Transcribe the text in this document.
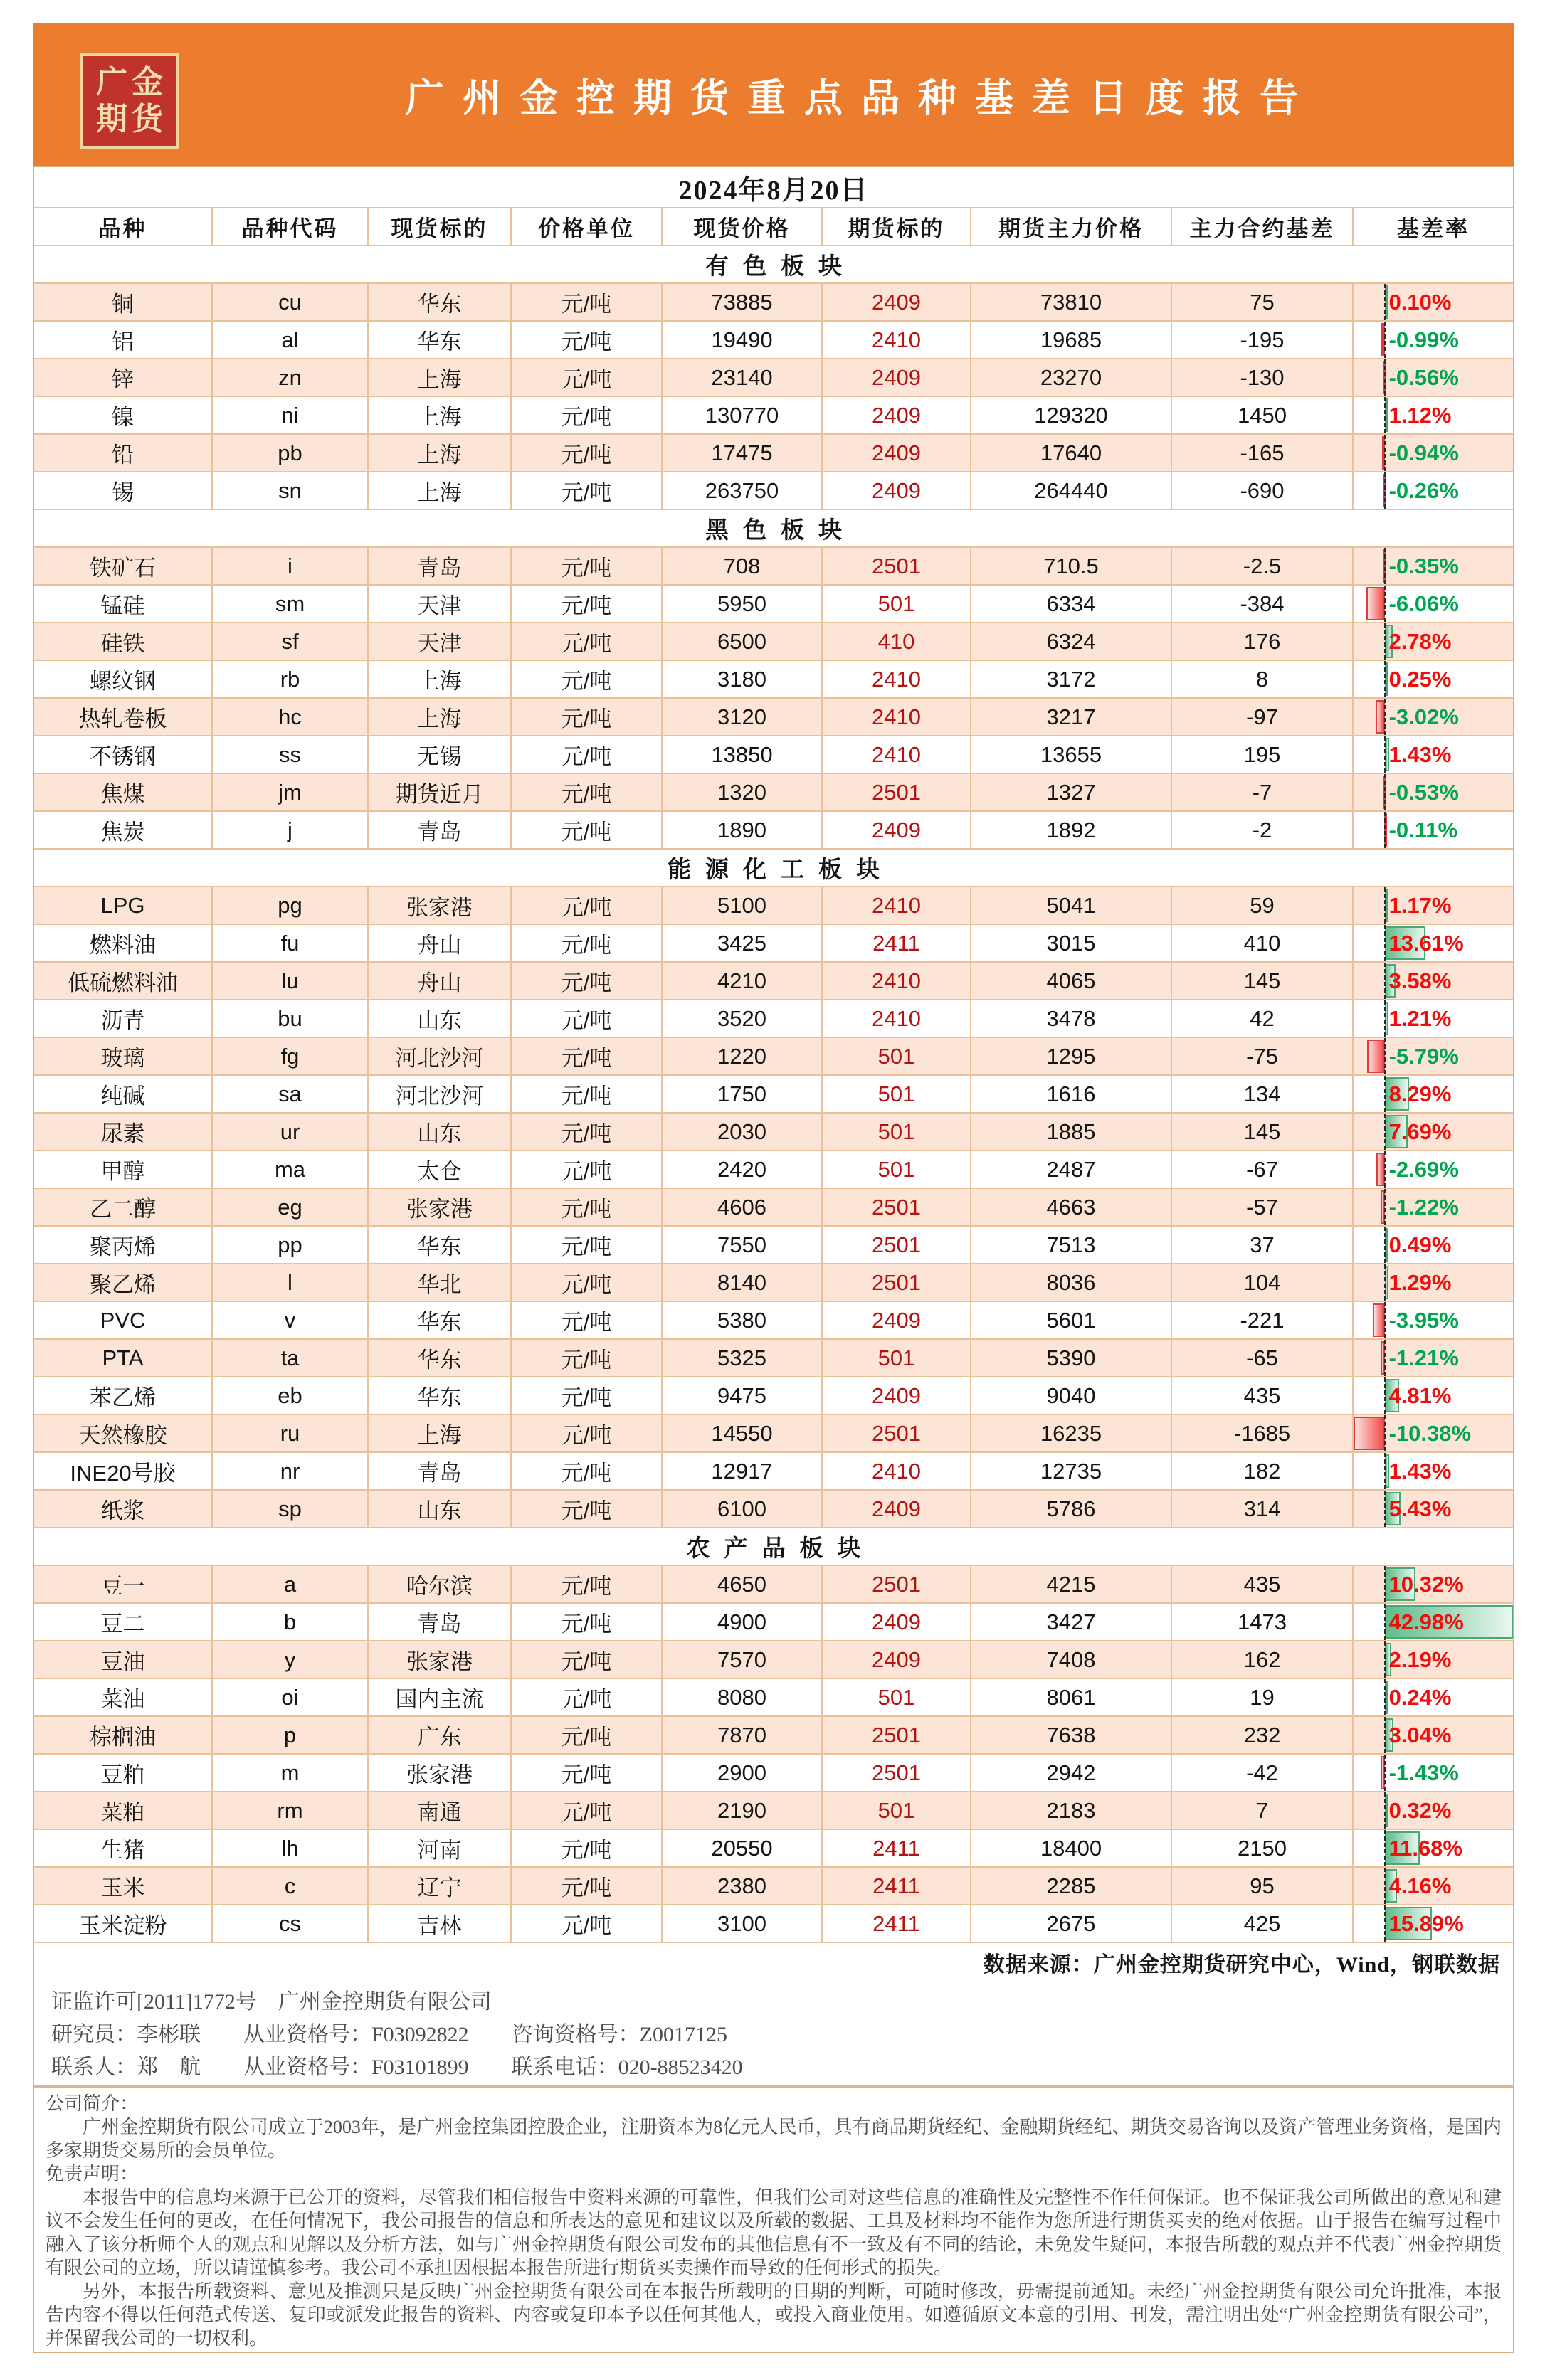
广金
期货	广州金控期货重点品种基差日度报告
2024年8月20日
品种	品种代码	现货标的	价格单位	现货价格	期货标的	期货主力价格	主力合约基差	基差率
有色板块
铜	cu	华东	元/吨	73885	2409	73810	75	0.10%
铝	al	华东	元/吨	19490	2410	19685	-195	-0.99%
锌	zn	上海	元/吨	23140	2409	23270	-130	-0.56%
镍	ni	上海	元/吨	130770	2409	129320	1450	1.12%
铅	pb	上海	元/吨	17475	2409	17640	-165	-0.94%
锡	sn	上海	元/吨	263750	2409	264440	-690	-0.26%
黑色板块
铁矿石	i	青岛	元/吨	708	2501	710.5	-2.5	-0.35%
锰硅	sm	天津	元/吨	5950	501	6334	-384	-6.06%
硅铁	sf	天津	元/吨	6500	410	6324	176	2.78%
螺纹钢	rb	上海	元/吨	3180	2410	3172	8	0.25%
热轧卷板	hc	上海	元/吨	3120	2410	3217	-97	-3.02%
不锈钢	ss	无锡	元/吨	13850	2410	13655	195	1.43%
焦煤	jm	期货近月	元/吨	1320	2501	1327	-7	-0.53%
焦炭	j	青岛	元/吨	1890	2409	1892	-2	-0.11%
能源化工板块
LPG	pg	张家港	元/吨	5100	2410	5041	59	1.17%
燃料油	fu	舟山	元/吨	3425	2411	3015	410	13.61%
低硫燃料油	lu	舟山	元/吨	4210	2410	4065	145	3.58%
沥青	bu	山东	元/吨	3520	2410	3478	42	1.21%
玻璃	fg	河北沙河	元/吨	1220	501	1295	-75	-5.79%
纯碱	sa	河北沙河	元/吨	1750	501	1616	134	8.29%
尿素	ur	山东	元/吨	2030	501	1885	145	7.69%
甲醇	ma	太仓	元/吨	2420	501	2487	-67	-2.69%
乙二醇	eg	张家港	元/吨	4606	2501	4663	-57	-1.22%
聚丙烯	pp	华东	元/吨	7550	2501	7513	37	0.49%
聚乙烯	l	华北	元/吨	8140	2501	8036	104	1.29%
PVC	v	华东	元/吨	5380	2409	5601	-221	-3.95%
PTA	ta	华东	元/吨	5325	501	5390	-65	-1.21%
苯乙烯	eb	华东	元/吨	9475	2409	9040	435	4.81%
天然橡胶	ru	上海	元/吨	14550	2501	16235	-1685	-10.38%
INE20号胶	nr	青岛	元/吨	12917	2410	12735	182	1.43%
纸浆	sp	山东	元/吨	6100	2409	5786	314	5.43%
农产品板块
豆一	a	哈尔滨	元/吨	4650	2501	4215	435	10.32%
豆二	b	青岛	元/吨	4900	2409	3427	1473	42.98%
豆油	y	张家港	元/吨	7570	2409	7408	162	2.19%
菜油	oi	国内主流	元/吨	8080	501	8061	19	0.24%
棕榈油	p	广东	元/吨	7870	2501	7638	232	3.04%
豆粕	m	张家港	元/吨	2900	2501	2942	-42	-1.43%
菜粕	rm	南通	元/吨	2190	501	2183	7	0.32%
生猪	lh	河南	元/吨	20550	2411	18400	2150	11.68%
玉米	c	辽宁	元/吨	2380	2411	2285	95	4.16%
玉米淀粉	cs	吉林	元/吨	3100	2411	2675	425	15.89%
数据来源：广州金控期货研究中心，Wind，钢联数据
证监许可[2011]1772号　广州金控期货有限公司
研究员：李彬联　　从业资格号：F03092822　　咨询资格号：Z0017125
联系人：郑　航　　从业资格号：F03101899　　联系电话：020-88523420
公司简介：

广州金控期货有限公司成立于2003年，是广州金控集团控股企业，注册资本为8亿元人民币，具有商品期货经纪、金融期货经纪、期货交易咨询以及资产管理业务资格，是国内多家期货交易所的会员单位。

免责声明：

本报告中的信息均来源于已公开的资料，尽管我们相信报告中资料来源的可靠性，但我们公司对这些信息的准确性及完整性不作任何保证。也不保证我公司所做出的意见和建议不会发生任何的更改，在任何情况下，我公司报告的信息和所表达的意见和建议以及所载的数据、工具及材料均不能作为您所进行期货买卖的绝对依据。由于报告在编写过程中融入了该分析师个人的观点和见解以及分析方法，如与广州金控期货有限公司发布的其他信息有不一致及有不同的结论，未免发生疑问，本报告所载的观点并不代表广州金控期货有限公司的立场，所以请谨慎参考。我公司不承担因根据本报告所进行期货买卖操作而导致的任何形式的损失。

另外，本报告所载资料、意见及推测只是反映广州金控期货有限公司在本报告所载明的日期的判断，可随时修改，毋需提前通知。未经广州金控期货有限公司允许批准，本报告内容不得以任何范式传送、复印或派发此报告的资料、内容或复印本予以任何其他人，或投入商业使用。如遵循原文本意的引用、刊发，需注明出处“广州金控期货有限公司”，并保留我公司的一切权利。
